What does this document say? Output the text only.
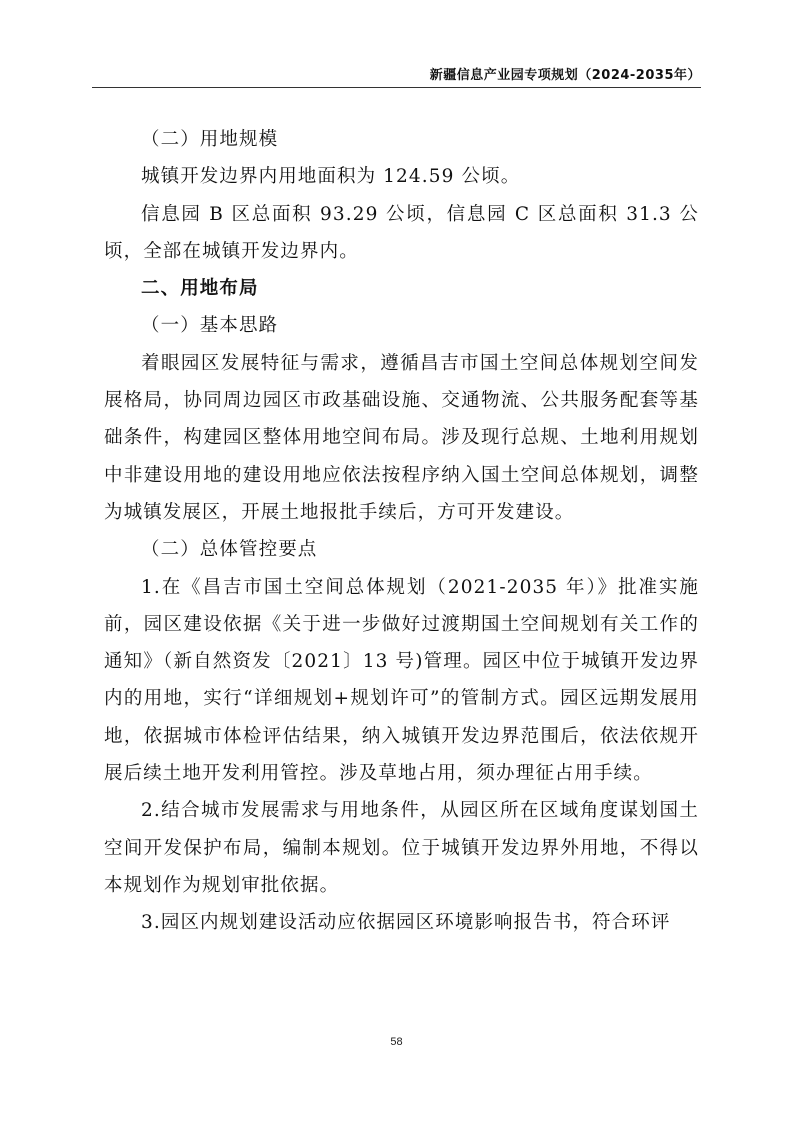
新疆信息产业园专项规划（2024-2035年）

（二）用地规模

城镇开发边界内用地面积为 124.59 公顷。

信息园 B 区总面积 93.29 公顷，信息园 C 区总面积 31.3 公顷，全部在城镇开发边界内。

二、用地布局

（一）基本思路

着眼园区发展特征与需求，遵循昌吉市国土空间总体规划空间发展格局，协同周边园区市政基础设施、交通物流、公共服务配套等基础条件，构建园区整体用地空间布局。涉及现行总规、土地利用规划中非建设用地的建设用地应依法按程序纳入国土空间总体规划，调整为城镇发展区，开展土地报批手续后，方可开发建设。

（二）总体管控要点

1.在《昌吉市国土空间总体规划（2021-2035 年）》批准实施前，园区建设依据《关于进一步做好过渡期国土空间规划有关工作的通知》（新自然资发〔2021〕13 号)管理。园区中位于城镇开发边界内的用地，实行“详细规划+规划许可”的管制方式。园区远期发展用地，依据城市体检评估结果，纳入城镇开发边界范围后，依法依规开展后续土地开发利用管控。涉及草地占用，须办理征占用手续。

2.结合城市发展需求与用地条件，从园区所在区域角度谋划国土空间开发保护布局，编制本规划。位于城镇开发边界外用地，不得以本规划作为规划审批依据。

3.园区内规划建设活动应依据园区环境影响报告书，符合环评

58
